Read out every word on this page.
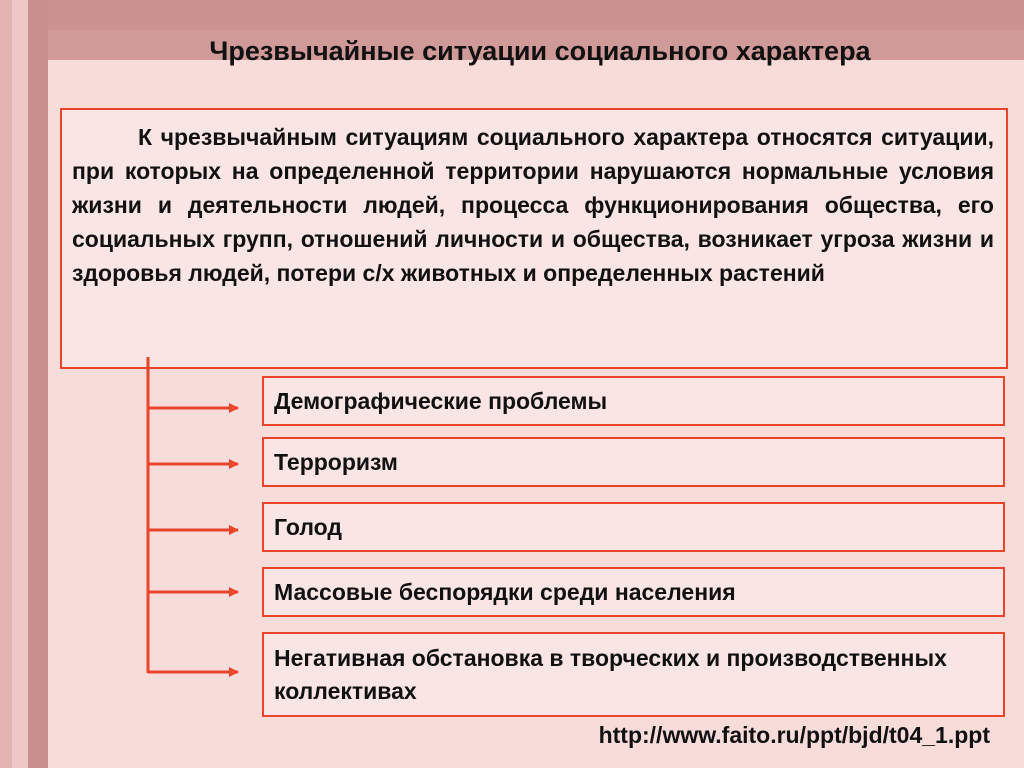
Чрезвычайные ситуации социального характера
К чрезвычайным ситуациям социального характера относятся ситуации, при которых на определенной территории нарушаются нормальные условия жизни и деятельности людей, процесса функционирования общества, его социальных групп, отношений личности и общества, возникает угроза жизни и здоровья людей, потери с/х животных и определенных растений
Демографические проблемы
Терроризм
Голод
Массовые беспорядки среди населения
Негативная обстановка в творческих и производственных коллективах
http://www.faito.ru/ppt/bjd/t04_1.ppt
